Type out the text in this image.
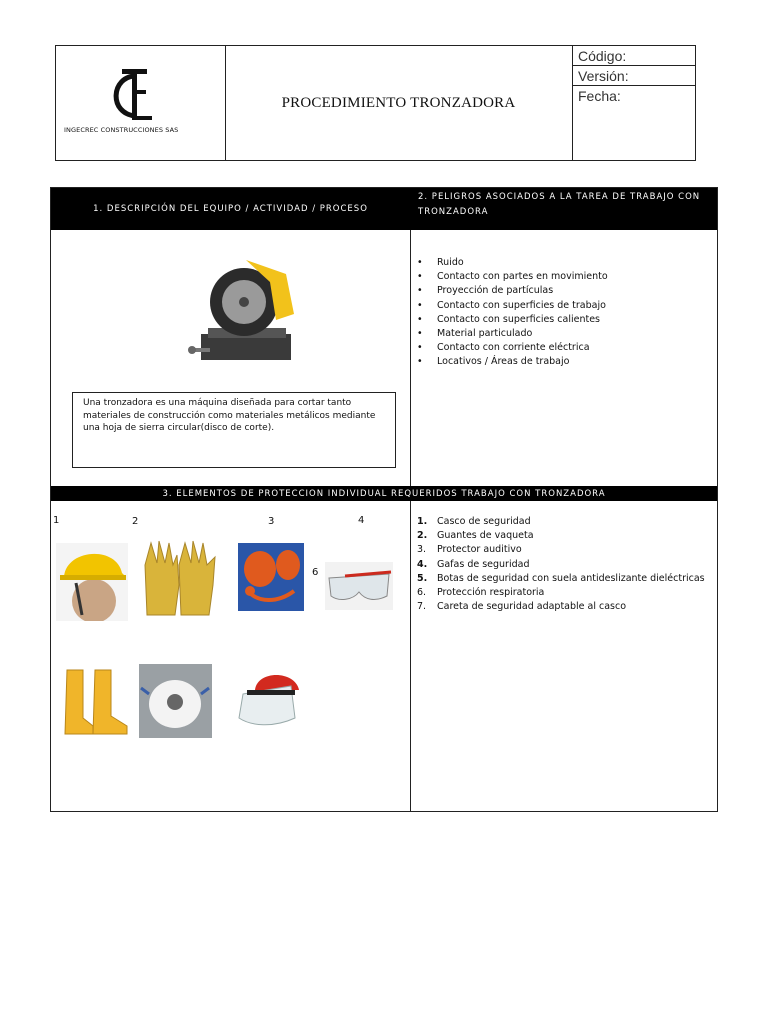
INGECREC CONSTRUCCIONES SAS
PROCEDIMIENTO TRONZADORA
Código:
Versión:
Fecha:
1. DESCRIPCIÓN DEL EQUIPO / ACTIVIDAD / PROCESO
2. PELIGROS ASOCIADOS A LA TAREA DE TRABAJO CON TRONZADORA
Una tronzadora es una máquina diseñada para cortar tanto materiales de construcción como materiales metálicos mediante una hoja de sierra circular(disco de corte).
• Ruido
• Contacto con partes en movimiento
• Proyección de partículas
• Contacto con superficies de trabajo
• Contacto con superficies calientes
• Material particulado
• Contacto con corriente eléctrica
• Locativos / Áreas de trabajo
3. ELEMENTOS DE PROTECCION INDIVIDUAL REQUERIDOS TRABAJO CON TRONZADORA
1	2	3	4
6
1. Casco de seguridad
2. Guantes de vaqueta
3. Protector auditivo
4. Gafas de seguridad
5. Botas de seguridad con suela antideslizante dieléctricas
6. Protección respiratoria
7. Careta de seguridad adaptable al casco
